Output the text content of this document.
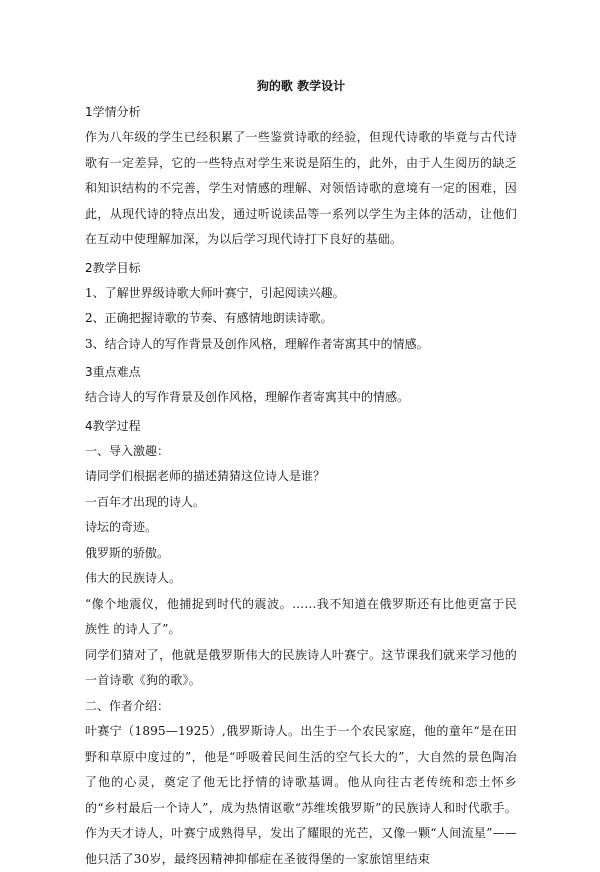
狗的歌 教学设计
1学情分析

作为八年级的学生已经积累了一些鉴赏诗歌的经验，但现代诗歌的毕竟与古代诗歌有一定差异，它的一些特点对学生来说是陌生的，此外，由于人生阅历的缺乏和知识结构的不完善，学生对情感的理解、对领悟诗歌的意境有一定的困难，因此，从现代诗的特点出发，通过听说读品等一系列以学生为主体的活动，让他们在互动中使理解加深，为以后学习现代诗打下良好的基础。

2教学目标
1、了解世界级诗歌大师叶赛宁，引起阅读兴趣。
2、正确把握诗歌的节奏、有感情地朗读诗歌。
3、结合诗人的写作背景及创作风格，理解作者寄寓其中的情感。
3重点难点
结合诗人的写作背景及创作风格，理解作者寄寓其中的情感。
4教学过程
一、导入激趣：
请同学们根据老师的描述猜猜这位诗人是谁？
一百年才出现的诗人。
诗坛的奇迹。
俄罗斯的骄傲。
伟大的民族诗人。

“像个地震仪，他捕捉到时代的震波。……我不知道在俄罗斯还有比他更富于民族性 的诗人了”。

同学们猜对了，他就是俄罗斯伟大的民族诗人叶赛宁。这节课我们就来学习他的一首诗歌《狗的歌》。

二、作者介绍：

叶赛宁（1895—1925）,俄罗斯诗人。出生于一个农民家庭，他的童年“是在田野和草原中度过的”，他是“呼吸着民间生活的空气长大的”，大自然的景色陶冶了他的心灵，奠定了他无比抒情的诗歌基调。他从向往古老传统和恋土怀乡的“乡村最后一个诗人”，成为热情讴歌“苏维埃俄罗斯”的民族诗人和时代歌手。作为天才诗人，叶赛宁成熟得早，发出了耀眼的光芒，又像一颗“人间流星”——他只活了30岁，最终因精神抑郁症在圣彼得堡的一家旅馆里结束
